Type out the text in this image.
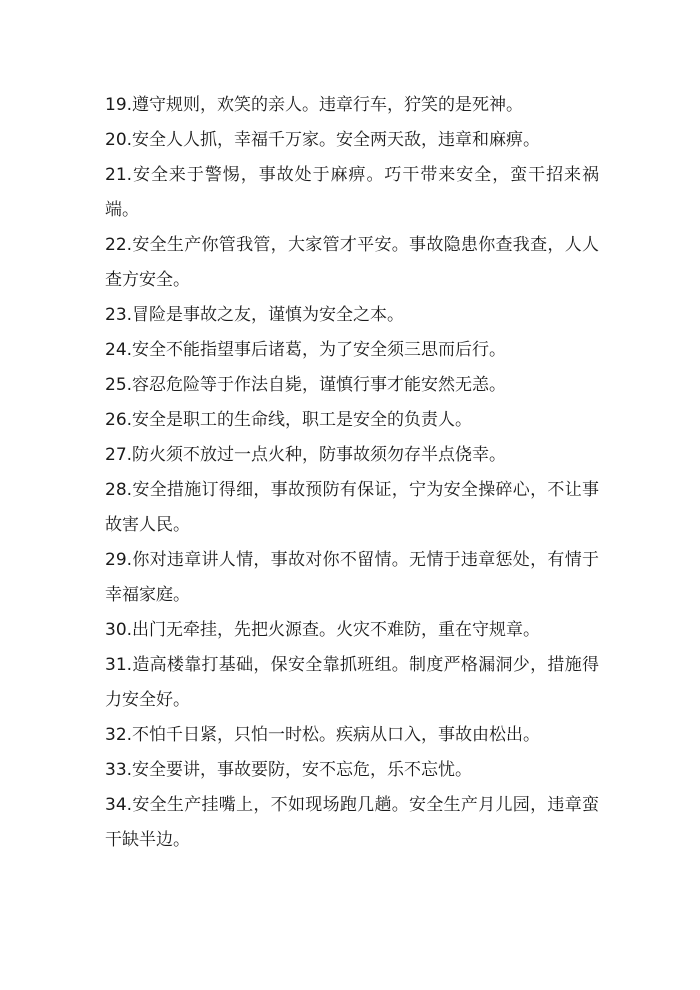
19.遵守规则，欢笑的亲人。违章行车，狞笑的是死神。

20.安全人人抓，幸福千万家。安全两天敌，违章和麻痹。

21.安全来于警惕，事故处于麻痹。巧干带来安全，蛮干招来祸端。

22.安全生产你管我管，大家管才平安。事故隐患你查我查，人人查方安全。

23.冒险是事故之友，谨慎为安全之本。

24.安全不能指望事后诸葛，为了安全须三思而后行。

25.容忍危险等于作法自毙，谨慎行事才能安然无恙。

26.安全是职工的生命线，职工是安全的负责人。

27.防火须不放过一点火种，防事故须勿存半点侥幸。

28.安全措施订得细，事故预防有保证，宁为安全操碎心，不让事故害人民。

29.你对违章讲人情，事故对你不留情。无情于违章惩处，有情于幸福家庭。

30.出门无牵挂，先把火源查。火灾不难防，重在守规章。

31.造高楼靠打基础，保安全靠抓班组。制度严格漏洞少，措施得力安全好。

32.不怕千日紧，只怕一时松。疾病从口入，事故由松出。

33.安全要讲，事故要防，安不忘危，乐不忘忧。

34.安全生产挂嘴上，不如现场跑几趟。安全生产月儿园，违章蛮干缺半边。
